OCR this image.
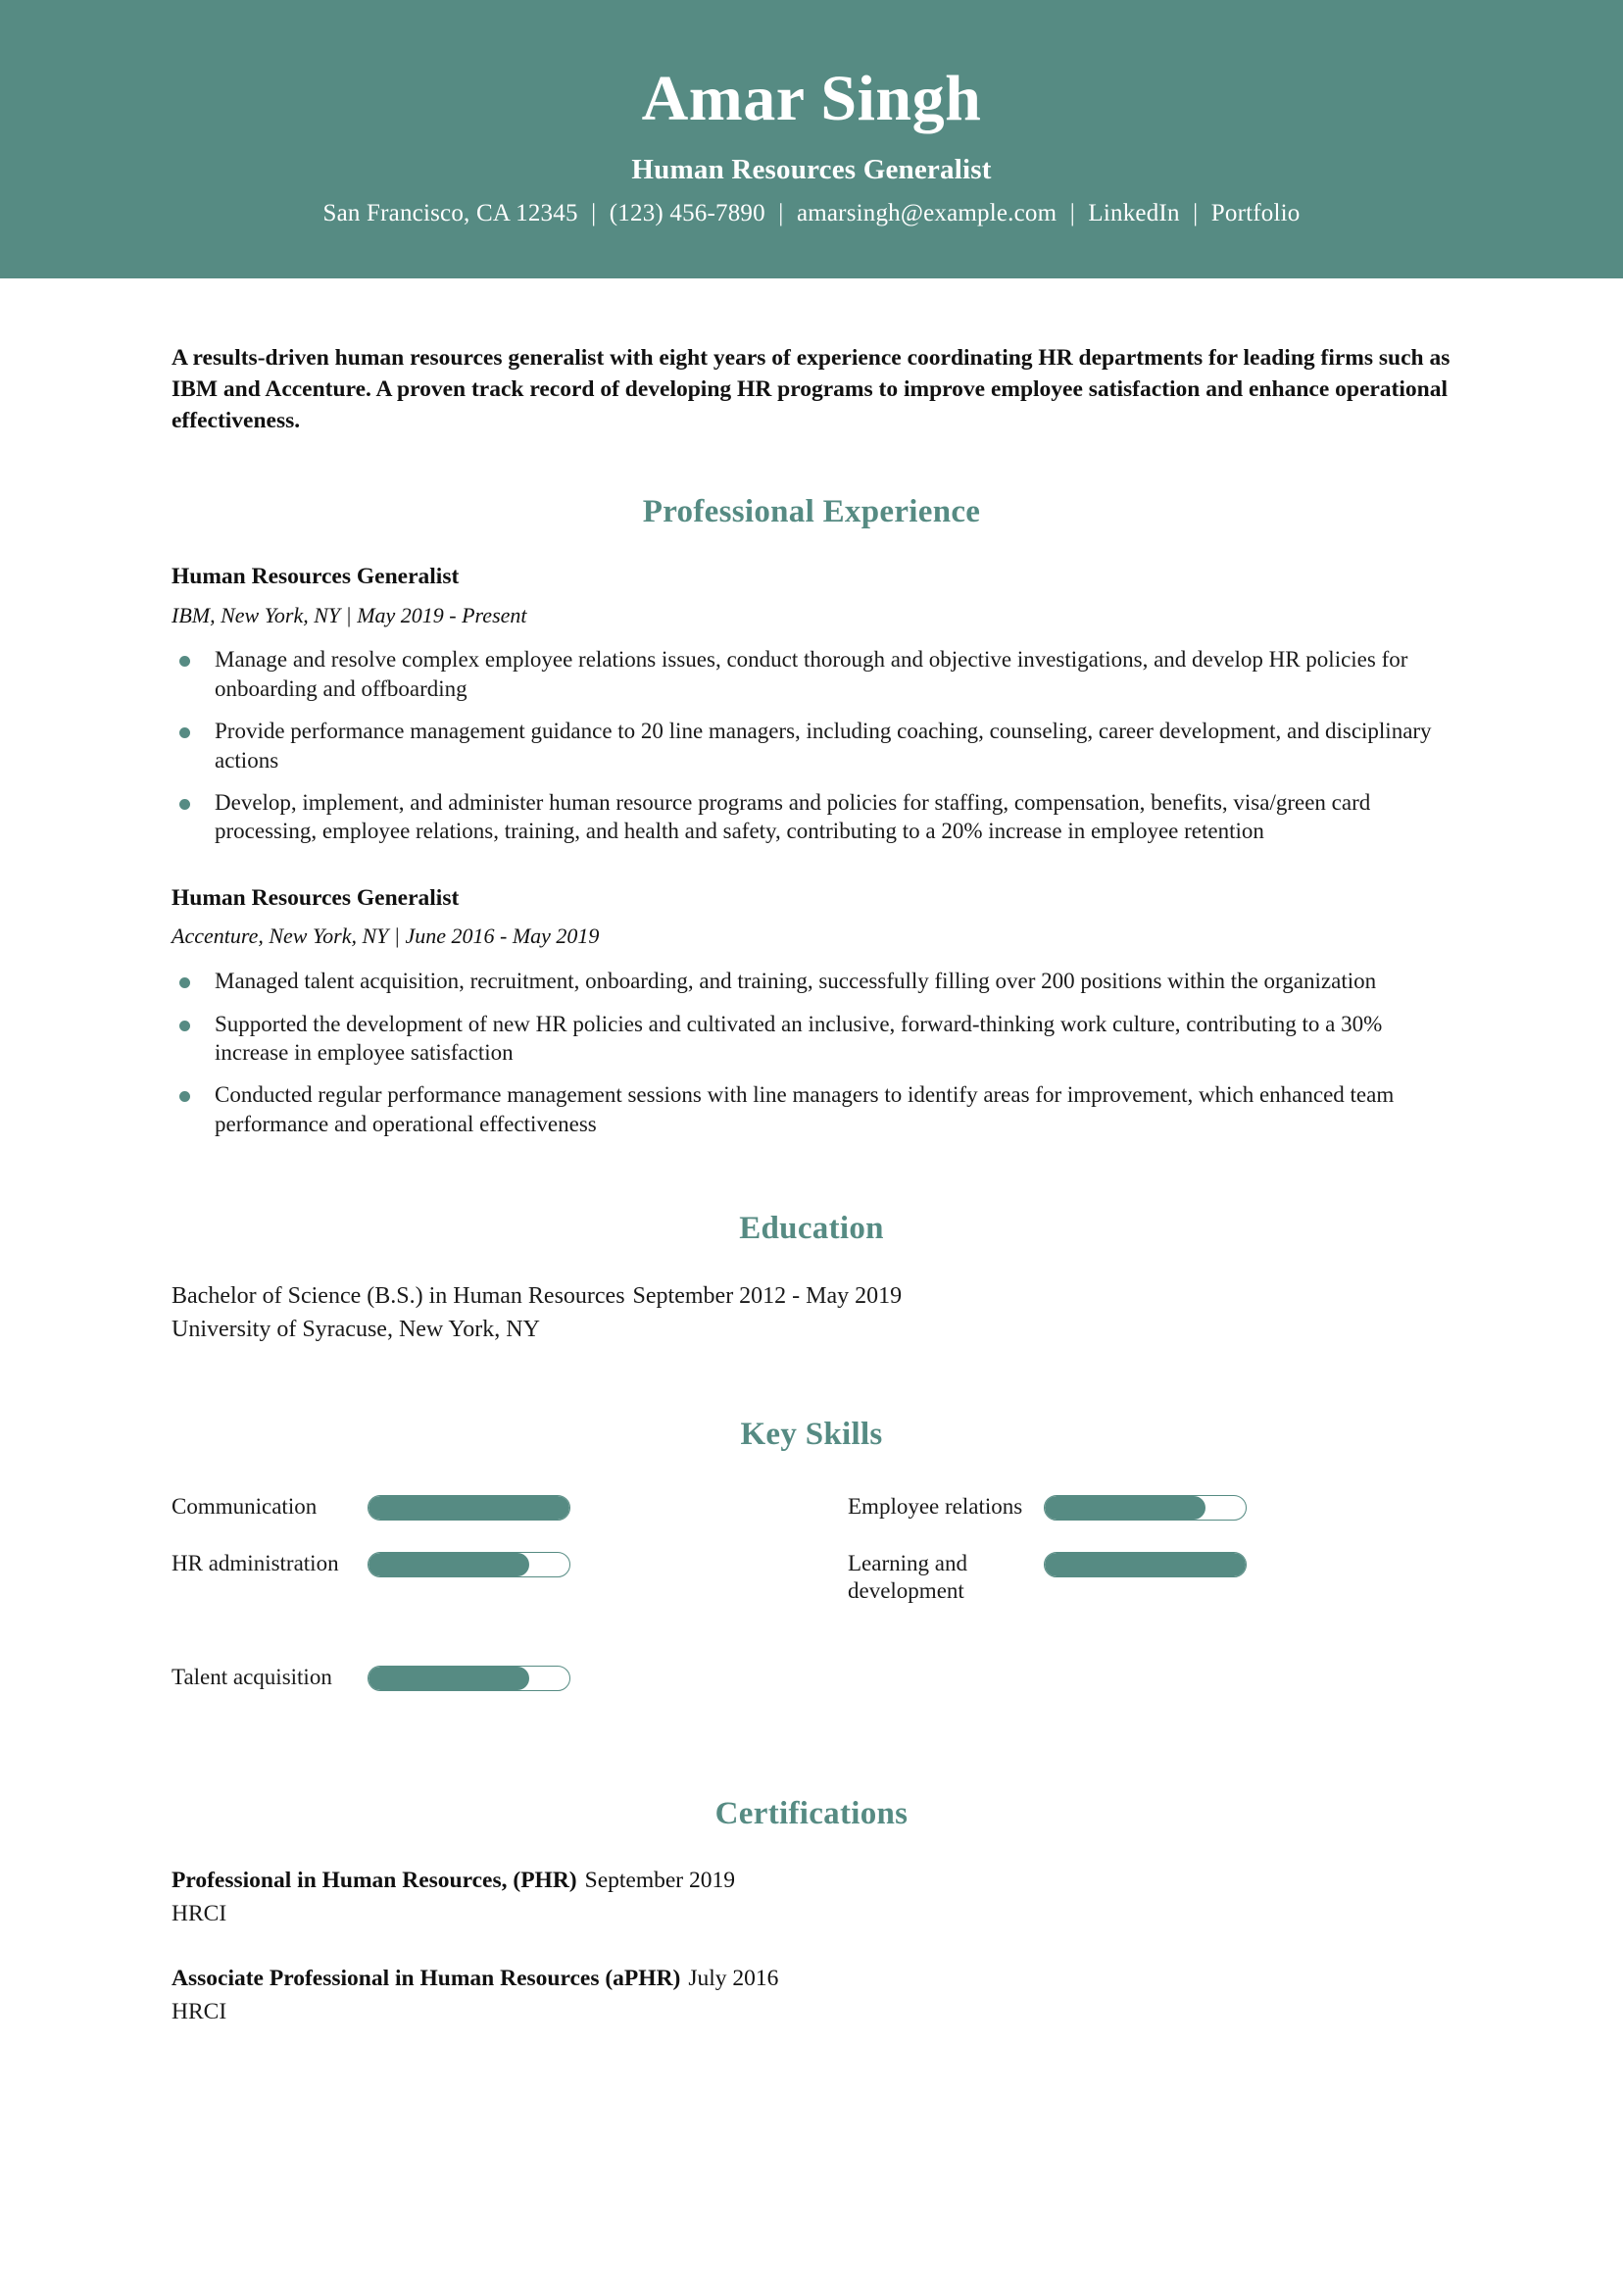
Amar Singh
Human Resources Generalist
San Francisco, CA 12345 | (123) 456-7890 | amarsingh@example.com | LinkedIn | Portfolio
A results-driven human resources generalist with eight years of experience coordinating HR departments for leading firms such as IBM and Accenture. A proven track record of developing HR programs to improve employee satisfaction and enhance operational effectiveness.
Professional Experience
Human Resources Generalist
IBM, New York, NY | May 2019 - Present
Manage and resolve complex employee relations issues, conduct thorough and objective investigations, and develop HR policies for onboarding and offboarding
Provide performance management guidance to 20 line managers, including coaching, counseling, career development, and disciplinary actions
Develop, implement, and administer human resource programs and policies for staffing, compensation, benefits, visa/green card processing, employee relations, training, and health and safety, contributing to a 20% increase in employee retention
Human Resources Generalist
Accenture, New York, NY | June 2016 - May 2019
Managed talent acquisition, recruitment, onboarding, and training, successfully filling over 200 positions within the organization
Supported the development of new HR policies and cultivated an inclusive, forward-thinking work culture, contributing to a 30% increase in employee satisfaction
Conducted regular performance management sessions with line managers to identify areas for improvement, which enhanced team performance and operational effectiveness
Education
Bachelor of Science (B.S.) in Human Resources September 2012 - May 2019
University of Syracuse, New York, NY
Key Skills
Communication
HR administration
Talent acquisition
Employee relations
Learning and development
Certifications
Professional in Human Resources, (PHR) September 2019
HRCI
Associate Professional in Human Resources (aPHR) July 2016
HRCI
